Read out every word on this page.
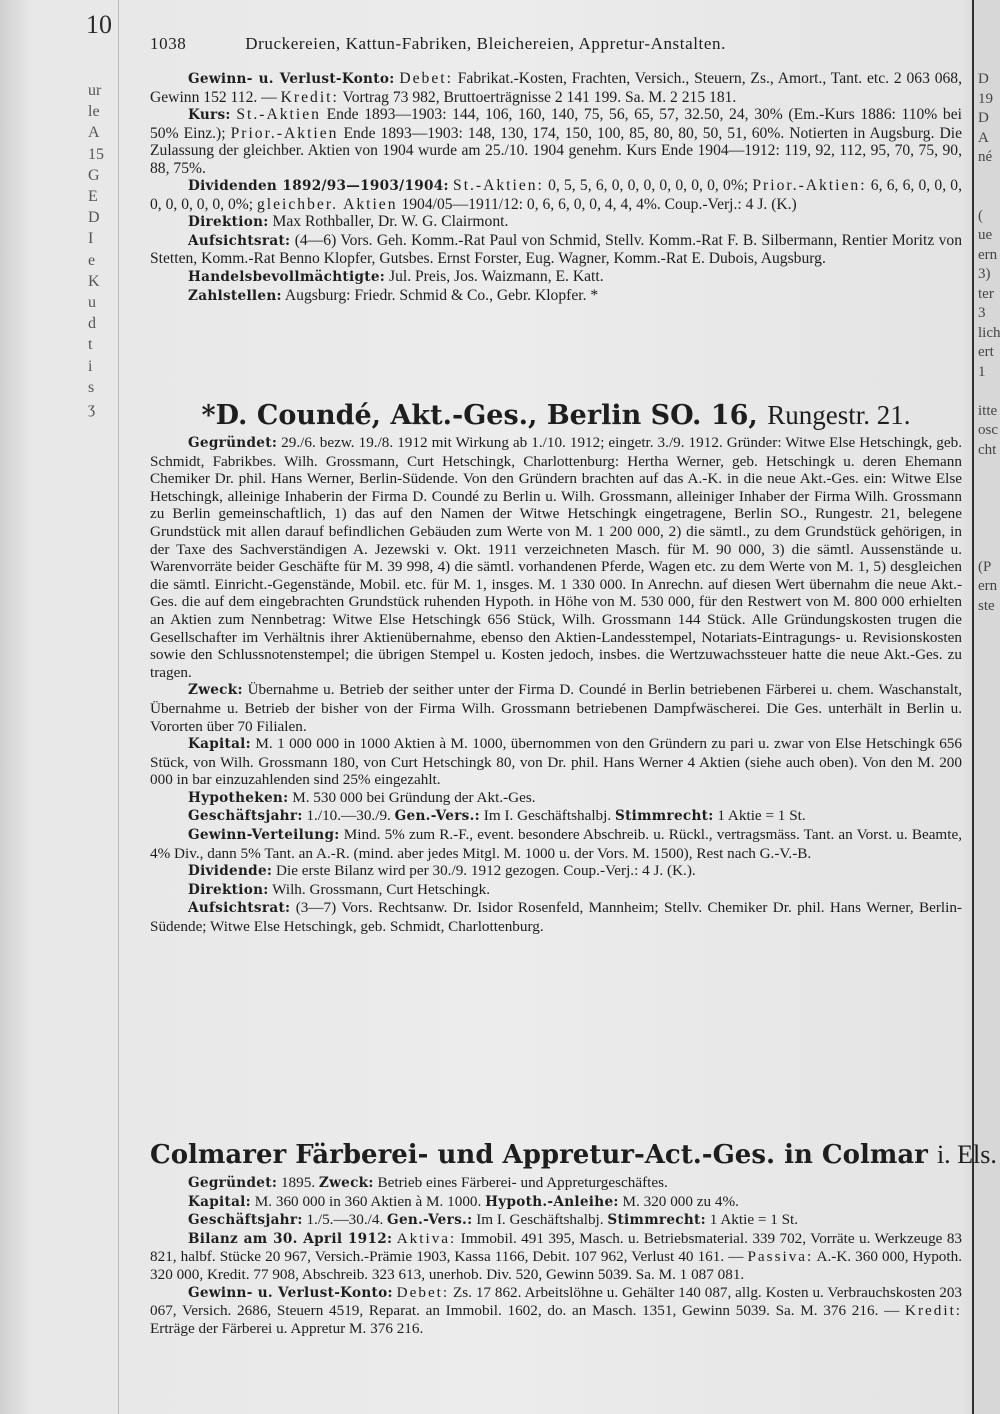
10
ur
le
A
15
G
E
D
I
e
K
u
d
t
i
s
ʒ
D
19
D
A
né

(
ue
ern
3)
ter
3
lich
ert
1

itte
osc
cht

(P
ern
ste
1038	Druckereien, Kattun-Fabriken, Bleichereien, Appretur-Anstalten.

Gewinn- u. Verlust-Konto: Debet: Fabrikat.-Kosten, Frachten, Versich., Steuern, Zs., Amort., Tant. etc. 2 063 068, Gewinn 152 112. — Kredit: Vortrag 73 982, Bruttoerträgnisse 2 141 199. Sa. M. 2 215 181.

Kurs: St.-Aktien Ende 1893—1903: 144, 106, 160, 140, 75, 56, 65, 57, 32.50, 24, 30% (Em.-Kurs 1886: 110% bei 50% Einz.); Prior.-Aktien Ende 1893—1903: 148, 130, 174, 150, 100, 85, 80, 80, 50, 51, 60%. Notierten in Augsburg. Die Zulassung der gleichber. Aktien von 1904 wurde am 25./10. 1904 genehm. Kurs Ende 1904—1912: 119, 92, 112, 95, 70, 75, 90, 88, 75%.

Dividenden 1892/93—1903/1904: St.-Aktien: 0, 5, 5, 6, 0, 0, 0, 0, 0, 0, 0, 0%; Prior.-Aktien: 6, 6, 6, 0, 0, 0, 0, 0, 0, 0, 0, 0%; gleichber. Aktien 1904/05—1911/12: 0, 6, 6, 0, 0, 4, 4, 4%. Coup.-Verj.: 4 J. (K.)

Direktion: Max Rothballer, Dr. W. G. Clairmont.

Aufsichtsrat: (4—6) Vors. Geh. Komm.-Rat Paul von Schmid, Stellv. Komm.-Rat F. B. Silbermann, Rentier Moritz von Stetten, Komm.-Rat Benno Klopfer, Gutsbes. Ernst Forster, Eug. Wagner, Komm.-Rat E. Dubois, Augsburg.

Handelsbevollmächtigte: Jul. Preis, Jos. Waizmann, E. Katt.

Zahlstellen: Augsburg: Friedr. Schmid & Co., Gebr. Klopfer. *

*D. Coundé, Akt.-Ges., Berlin SO. 16, Rungestr. 21.

Gegründet: 29./6. bezw. 19./8. 1912 mit Wirkung ab 1./10. 1912; eingetr. 3./9. 1912. Gründer: Witwe Else Hetschingk, geb. Schmidt, Fabrikbes. Wilh. Grossmann, Curt Hetschingk, Charlottenburg: Hertha Werner, geb. Hetschingk u. deren Ehemann Chemiker Dr. phil. Hans Werner, Berlin-Südende. Von den Gründern brachten auf das A.-K. in die neue Akt.-Ges. ein: Witwe Else Hetschingk, alleinige Inhaberin der Firma D. Coundé zu Berlin u. Wilh. Grossmann, alleiniger Inhaber der Firma Wilh. Grossmann zu Berlin gemeinschaftlich, 1) das auf den Namen der Witwe Hetschingk eingetragene, Berlin SO., Rungestr. 21, belegene Grundstück mit allen darauf befindlichen Gebäuden zum Werte von M. 1 200 000, 2) die sämtl., zu dem Grundstück gehörigen, in der Taxe des Sachverständigen A. Jezewski v. Okt. 1911 verzeichneten Masch. für M. 90 000, 3) die sämtl. Aussenstände u. Warenvorräte beider Geschäfte für M. 39 998, 4) die sämtl. vorhandenen Pferde, Wagen etc. zu dem Werte von M. 1, 5) desgleichen die sämtl. Einricht.-Gegenstände, Mobil. etc. für M. 1, insges. M. 1 330 000. In Anrechn. auf diesen Wert übernahm die neue Akt.-Ges. die auf dem eingebrachten Grundstück ruhenden Hypoth. in Höhe von M. 530 000, für den Restwert von M. 800 000 erhielten an Aktien zum Nennbetrag: Witwe Else Hetschingk 656 Stück, Wilh. Grossmann 144 Stück. Alle Gründungskosten trugen die Gesellschafter im Verhältnis ihrer Aktienübernahme, ebenso den Aktien-Landesstempel, Notariats-Eintragungs- u. Revisionskosten sowie den Schlussnotenstempel; die übrigen Stempel u. Kosten jedoch, insbes. die Wertzuwachssteuer hatte die neue Akt.-Ges. zu tragen.

Zweck: Übernahme u. Betrieb der seither unter der Firma D. Coundé in Berlin betriebenen Färberei u. chem. Waschanstalt, Übernahme u. Betrieb der bisher von der Firma Wilh. Grossmann betriebenen Dampfwäscherei. Die Ges. unterhält in Berlin u. Vororten über 70 Filialen.

Kapital: M. 1 000 000 in 1000 Aktien à M. 1000, übernommen von den Gründern zu pari u. zwar von Else Hetschingk 656 Stück, von Wilh. Grossmann 180, von Curt Hetschingk 80, von Dr. phil. Hans Werner 4 Aktien (siehe auch oben). Von den M. 200 000 in bar einzuzahlenden sind 25% eingezahlt.

Hypotheken: M. 530 000 bei Gründung der Akt.-Ges.

Geschäftsjahr: 1./10.—30./9. Gen.-Vers.: Im I. Geschäftshalbj. Stimmrecht: 1 Aktie = 1 St.

Gewinn-Verteilung: Mind. 5% zum R.-F., event. besondere Abschreib. u. Rückl., vertragsmäss. Tant. an Vorst. u. Beamte, 4% Div., dann 5% Tant. an A.-R. (mind. aber jedes Mitgl. M. 1000 u. der Vors. M. 1500), Rest nach G.-V.-B.

Dividende: Die erste Bilanz wird per 30./9. 1912 gezogen. Coup.-Verj.: 4 J. (K.).

Direktion: Wilh. Grossmann, Curt Hetschingk.

Aufsichtsrat: (3—7) Vors. Rechtsanw. Dr. Isidor Rosenfeld, Mannheim; Stellv. Chemiker Dr. phil. Hans Werner, Berlin-Südende; Witwe Else Hetschingk, geb. Schmidt, Charlottenburg.

Colmarer Färberei- und Appretur-Act.-Ges. in Colmar i. Els.

Gegründet: 1895. Zweck: Betrieb eines Färberei- und Appreturgeschäftes.

Kapital: M. 360 000 in 360 Aktien à M. 1000. Hypoth.-Anleihe: M. 320 000 zu 4%.

Geschäftsjahr: 1./5.—30./4. Gen.-Vers.: Im I. Geschäftshalbj. Stimmrecht: 1 Aktie = 1 St.

Bilanz am 30. April 1912: Aktiva: Immobil. 491 395, Masch. u. Betriebsmaterial. 339 702, Vorräte u. Werkzeuge 83 821, halbf. Stücke 20 967, Versich.-Prämie 1903, Kassa 1166, Debit. 107 962, Verlust 40 161. — Passiva: A.-K. 360 000, Hypoth. 320 000, Kredit. 77 908, Abschreib. 323 613, unerhob. Div. 520, Gewinn 5039. Sa. M. 1 087 081.

Gewinn- u. Verlust-Konto: Debet: Zs. 17 862. Arbeitslöhne u. Gehälter 140 087, allg. Kosten u. Verbrauchskosten 203 067, Versich. 2686, Steuern 4519, Reparat. an Immobil. 1602, do. an Masch. 1351, Gewinn 5039. Sa. M. 376 216. — Kredit: Erträge der Färberei u. Appretur M. 376 216.
